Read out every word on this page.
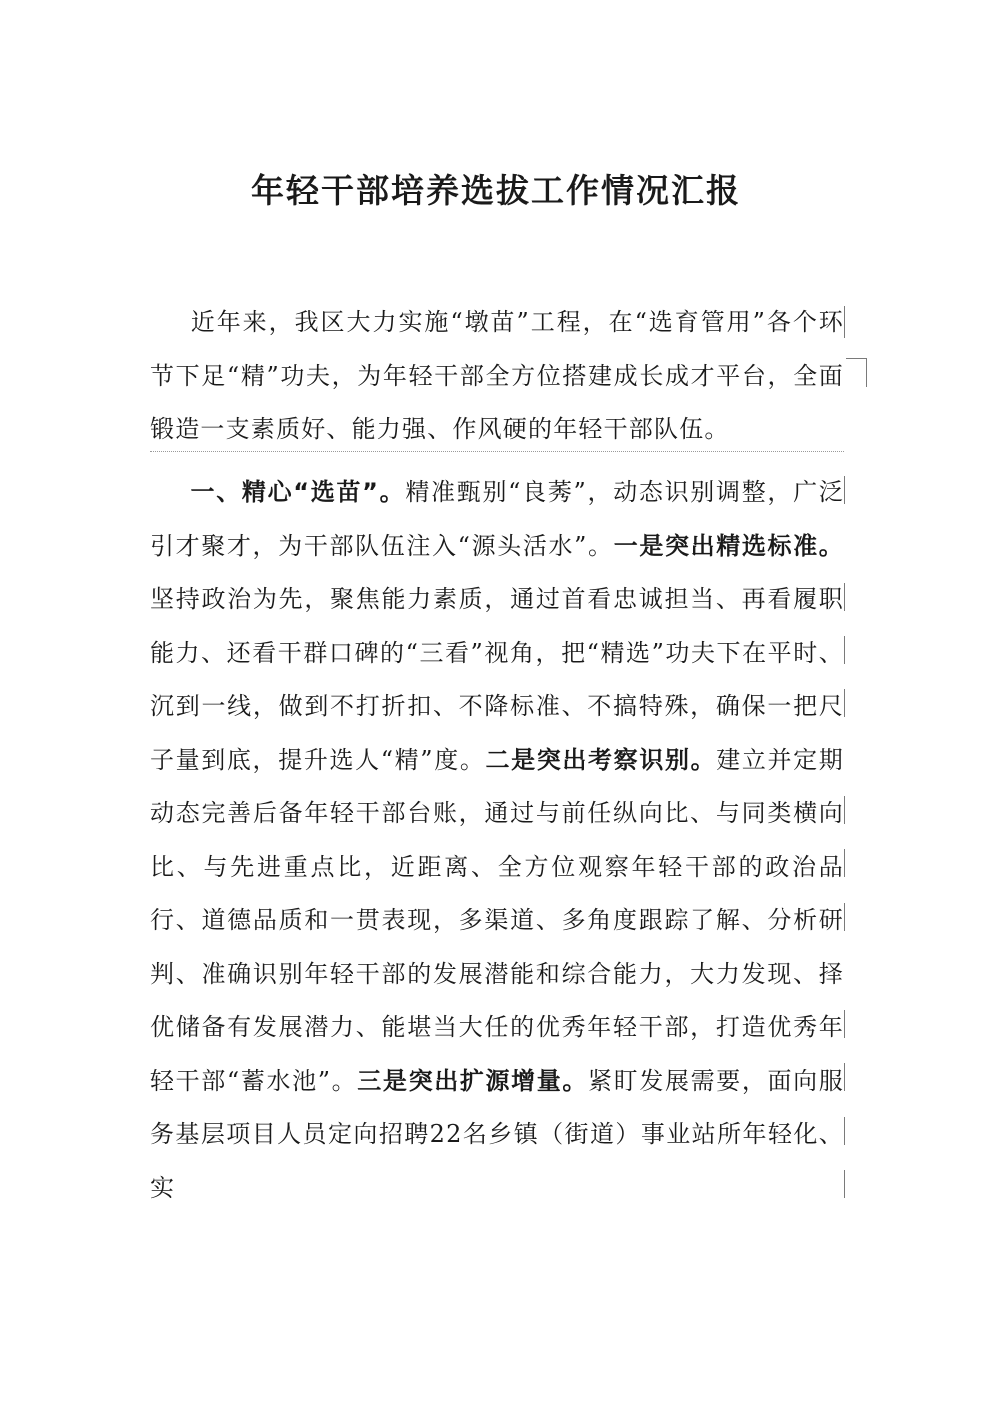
年轻干部培养选拔工作情况汇报

近年来，我区大力实施“墩苗”工程，在“选育管用”各个环节下足“精”功夫，为年轻干部全方位搭建成长成才平台，全面锻造一支素质好、能力强、作风硬的年轻干部队伍。

一、精心“选苗”。精准甄别“良莠”，动态识别调整，广泛引才聚才，为干部队伍注入“源头活水”。一是突出精选标准。坚持政治为先，聚焦能力素质，通过首看忠诚担当、再看履职能力、还看干群口碑的“三看”视角，把“精选”功夫下在平时、沉到一线，做到不打折扣、不降标准、不搞特殊，确保一把尺子量到底，提升选人“精”度。二是突出考察识别。建立并定期动态完善后备年轻干部台账，通过与前任纵向比、与同类横向比、与先进重点比，近距离、全方位观察年轻干部的政治品行、道德品质和一贯表现，多渠道、多角度跟踪了解、分析研判、准确识别年轻干部的发展潜能和综合能力，大力发现、择优储备有发展潜力、能堪当大任的优秀年轻干部，打造优秀年轻干部“蓄水池”。三是突出扩源增量。紧盯发展需要，面向服务基层项目人员定向招聘22名乡镇（街道）事业站所年轻化、实
